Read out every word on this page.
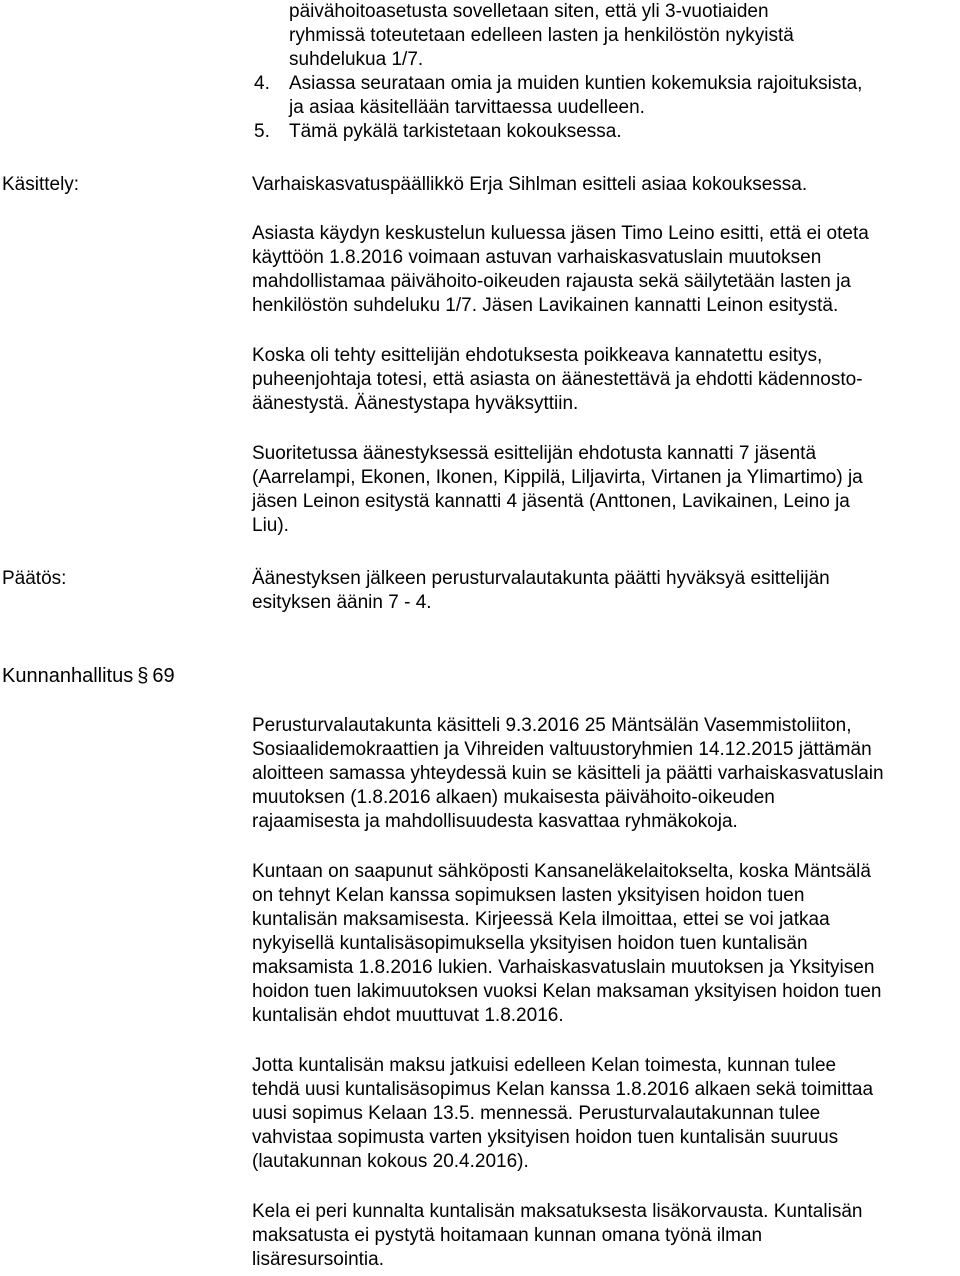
päivähoitoasetusta sovelletaan siten, että yli 3-vuotiaiden
ryhmissä toteutetaan edelleen lasten ja henkilöstön nykyistä
suhdelukua 1/7.
4. Asiassa seurataan omia ja muiden kuntien kokemuksia rajoituksista,
ja asiaa käsitellään tarvittaessa uudelleen.
5. Tämä pykälä tarkistetaan kokouksessa.
Käsittely:	Varhaiskasvatuspäällikkö Erja Sihlman esitteli asiaa kokouksessa.
Asiasta käydyn keskustelun kuluessa jäsen Timo Leino esitti, että ei oteta
käyttöön 1.8.2016 voimaan astuvan varhaiskasvatuslain muutoksen
mahdollistamaa päivähoito-oikeuden rajausta sekä säilytetään lasten ja
henkilöstön suhdeluku 1/7. Jäsen Lavikainen kannatti Leinon esitystä.
Koska oli tehty esittelijän ehdotuksesta poikkeava kannatettu esitys,
puheenjohtaja totesi, että asiasta on äänestettävä ja ehdotti kädennosto-
äänestystä. Äänestystapa hyväksyttiin.
Suoritetussa äänestyksessä esittelijän ehdotusta kannatti 7 jäsentä
(Aarrelampi, Ekonen, Ikonen, Kippilä, Liljavirta, Virtanen ja Ylimartimo) ja
jäsen Leinon esitystä kannatti 4 jäsentä (Anttonen, Lavikainen, Leino ja
Liu).
Päätös:	Äänestyksen jälkeen perusturvalautakunta päätti hyväksyä esittelijän
esityksen äänin 7 - 4.
Kunnanhallitus § 69
Perusturvalautakunta käsitteli 9.3.2016 25 Mäntsälän Vasemmistoliiton,
Sosiaalidemokraattien ja Vihreiden valtuustoryhmien 14.12.2015 jättämän
aloitteen samassa yhteydessä kuin se käsitteli ja päätti varhaiskasvatuslain
muutoksen (1.8.2016 alkaen) mukaisesta päivähoito-oikeuden
rajaamisesta ja mahdollisuudesta kasvattaa ryhmäkokoja.
Kuntaan on saapunut sähköposti Kansaneläkelaitokselta, koska Mäntsälä
on tehnyt Kelan kanssa sopimuksen lasten yksityisen hoidon tuen
kuntalisän maksamisesta. Kirjeessä Kela ilmoittaa, ettei se voi jatkaa
nykyisellä kuntalisäsopimuksella yksityisen hoidon tuen kuntalisän
maksamista 1.8.2016 lukien. Varhaiskasvatuslain muutoksen ja Yksityisen
hoidon tuen lakimuutoksen vuoksi Kelan maksaman yksityisen hoidon tuen
kuntalisän ehdot muuttuvat 1.8.2016.
Jotta kuntalisän maksu jatkuisi edelleen Kelan toimesta, kunnan tulee
tehdä uusi kuntalisäsopimus Kelan kanssa 1.8.2016 alkaen sekä toimittaa
uusi sopimus Kelaan 13.5. mennessä. Perusturvalautakunnan tulee
vahvistaa sopimusta varten yksityisen hoidon tuen kuntalisän suuruus
(lautakunnan kokous 20.4.2016).
Kela ei peri kunnalta kuntalisän maksatuksesta lisäkorvausta. Kuntalisän
maksatusta ei pystytä hoitamaan kunnan omana työnä ilman
lisäresursointia.
